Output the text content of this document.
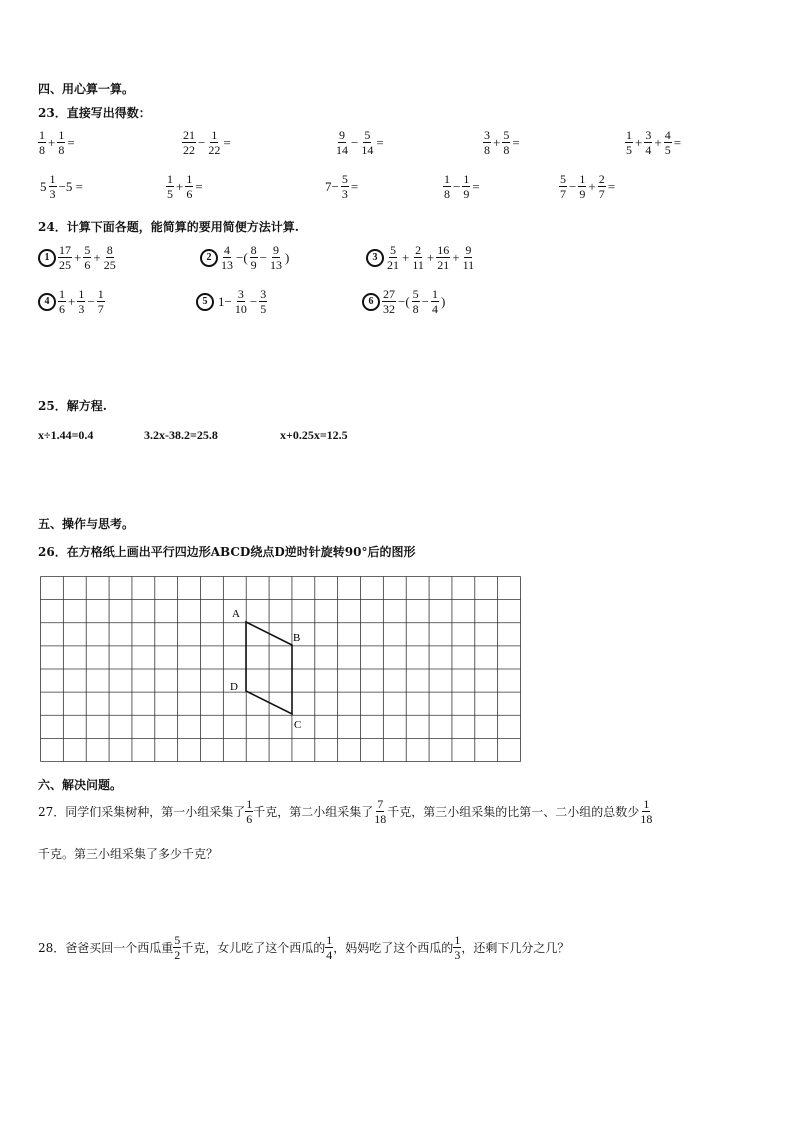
四、用心算一算。
23．直接写出得数：
$\frac{1}{8} + \frac{1}{8}$ =	$\frac{21}{22} - \frac{1}{22}$ =	$\frac{9}{14} - \frac{5}{14}$ =	$\frac{3}{8} + \frac{5}{8}$ =	$\frac{1}{5} + \frac{3}{4} + \frac{4}{5}$ =
$5 \frac{1}{3} -5$ =	$\frac{1}{5} + \frac{1}{6}$ =	$7- \frac{5}{3}$ =	$\frac{1}{8} - \frac{1}{9}$ =	$\frac{5}{7} - \frac{1}{9} + \frac{2}{7}$ =
24．计算下面各题，能简算的要用简便方法计算.
$1 \frac{17}{25} + \frac{5}{6} + \frac{8}{25}$	$2 \frac{4}{13}$ −( $\frac{8}{9} - \frac{9}{13}$ )	$3 \frac{5}{21} + \frac{2}{11} + \frac{16}{21} + \frac{9}{11}$
$4 \frac{1}{6} + \frac{1}{3} - \frac{1}{7}$	5 $1- \frac{3}{10} - \frac{3}{5}$	$6 \frac{27}{32}$ −( $\frac{5}{8} - \frac{1}{4}$ )
25．解方程.
x÷1.44=0.4	3.2x-38.2=25.8	x+0.25x=12.5
五、操作与思考。
26．在方格纸上画出平行四边形ABCD绕点D逆时针旋转90°后的图形
A
B
C
D
六、解决问题。
27．同学们采集树种，第一小组采集了 $\frac{1}{6}$ 千克，第二小组采集了 $\frac{7}{18}$ 千克，第三小组采集的比第一、二小组的总数少 $\frac{1}{18}$
千克。第三小组采集了多少千克？
28．爸爸买回一个西瓜重 $\frac{5}{2}$ 千克，女儿吃了这个西瓜的 $\frac{1}{4}$ ，妈妈吃了这个西瓜的 $\frac{1}{3}$ ，还剩下几分之几？
